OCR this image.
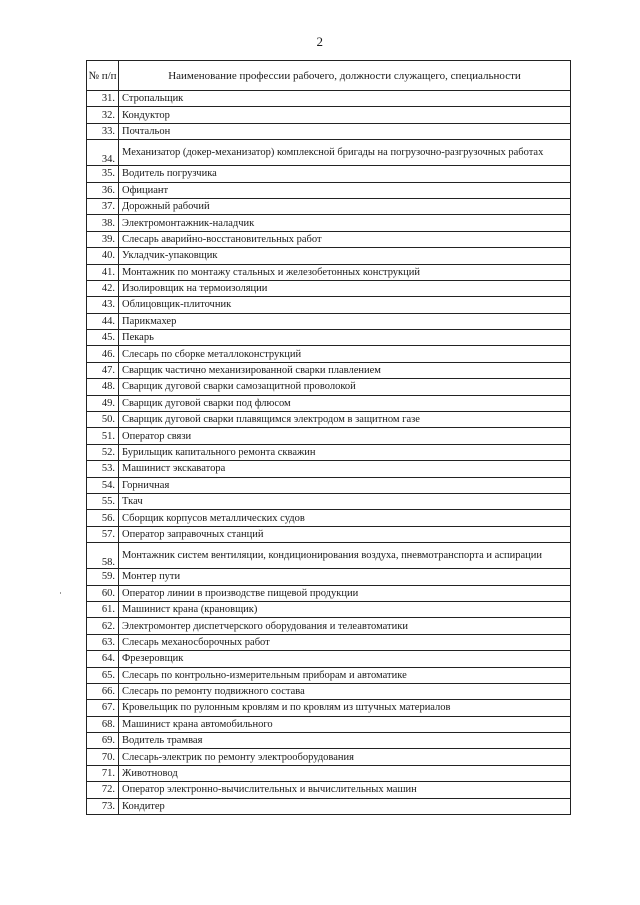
2
№ п/п	Наименование профессии рабочего, должности служащего, специальности
31.	Стропальщик
32.	Кондуктор
33.	Почтальон
34.	Механизатор (докер-механизатор) комплексной бригады на погрузочно-разгрузочных работах
35.	Водитель погрузчика
36.	Официант
37.	Дорожный рабочий
38.	Электромонтажник-наладчик
39.	Слесарь аварийно-восстановительных работ
40.	Укладчик-упаковщик
41.	Монтажник по монтажу стальных и железобетонных конструкций
42.	Изолировщик на термоизоляции
43.	Облицовщик-плиточник
44.	Парикмахер
45.	Пекарь
46.	Слесарь по сборке металлоконструкций
47.	Сварщик частично механизированной сварки плавлением
48.	Сварщик дуговой сварки самозащитной проволокой
49.	Сварщик дуговой сварки под флюсом
50.	Сварщик дуговой сварки плавящимся электродом в защитном газе
51.	Оператор связи
52.	Бурильщик капитального ремонта скважин
53.	Машинист экскаватора
54.	Горничная
55.	Ткач
56.	Сборщик корпусов металлических судов
57.	Оператор заправочных станций
58.	Монтажник систем вентиляции, кондиционирования воздуха, пневмотранспорта и аспирации
59.	Монтер пути
60.	Оператор линии в производстве пищевой продукции
61.	Машинист крана (крановщик)
62.	Электромонтер диспетчерского оборудования и телеавтоматики
63.	Слесарь механосборочных работ
64.	Фрезеровщик
65.	Слесарь по контрольно-измерительным приборам и автоматике
66.	Слесарь по ремонту подвижного состава
67.	Кровельщик по рулонным кровлям и по кровлям из штучных материалов
68.	Машинист крана автомобильного
69.	Водитель трамвая
70.	Слесарь-электрик по ремонту электрооборудования
71.	Животновод
72.	Оператор электронно-вычислительных и вычислительных машин
73.	Кондитер
